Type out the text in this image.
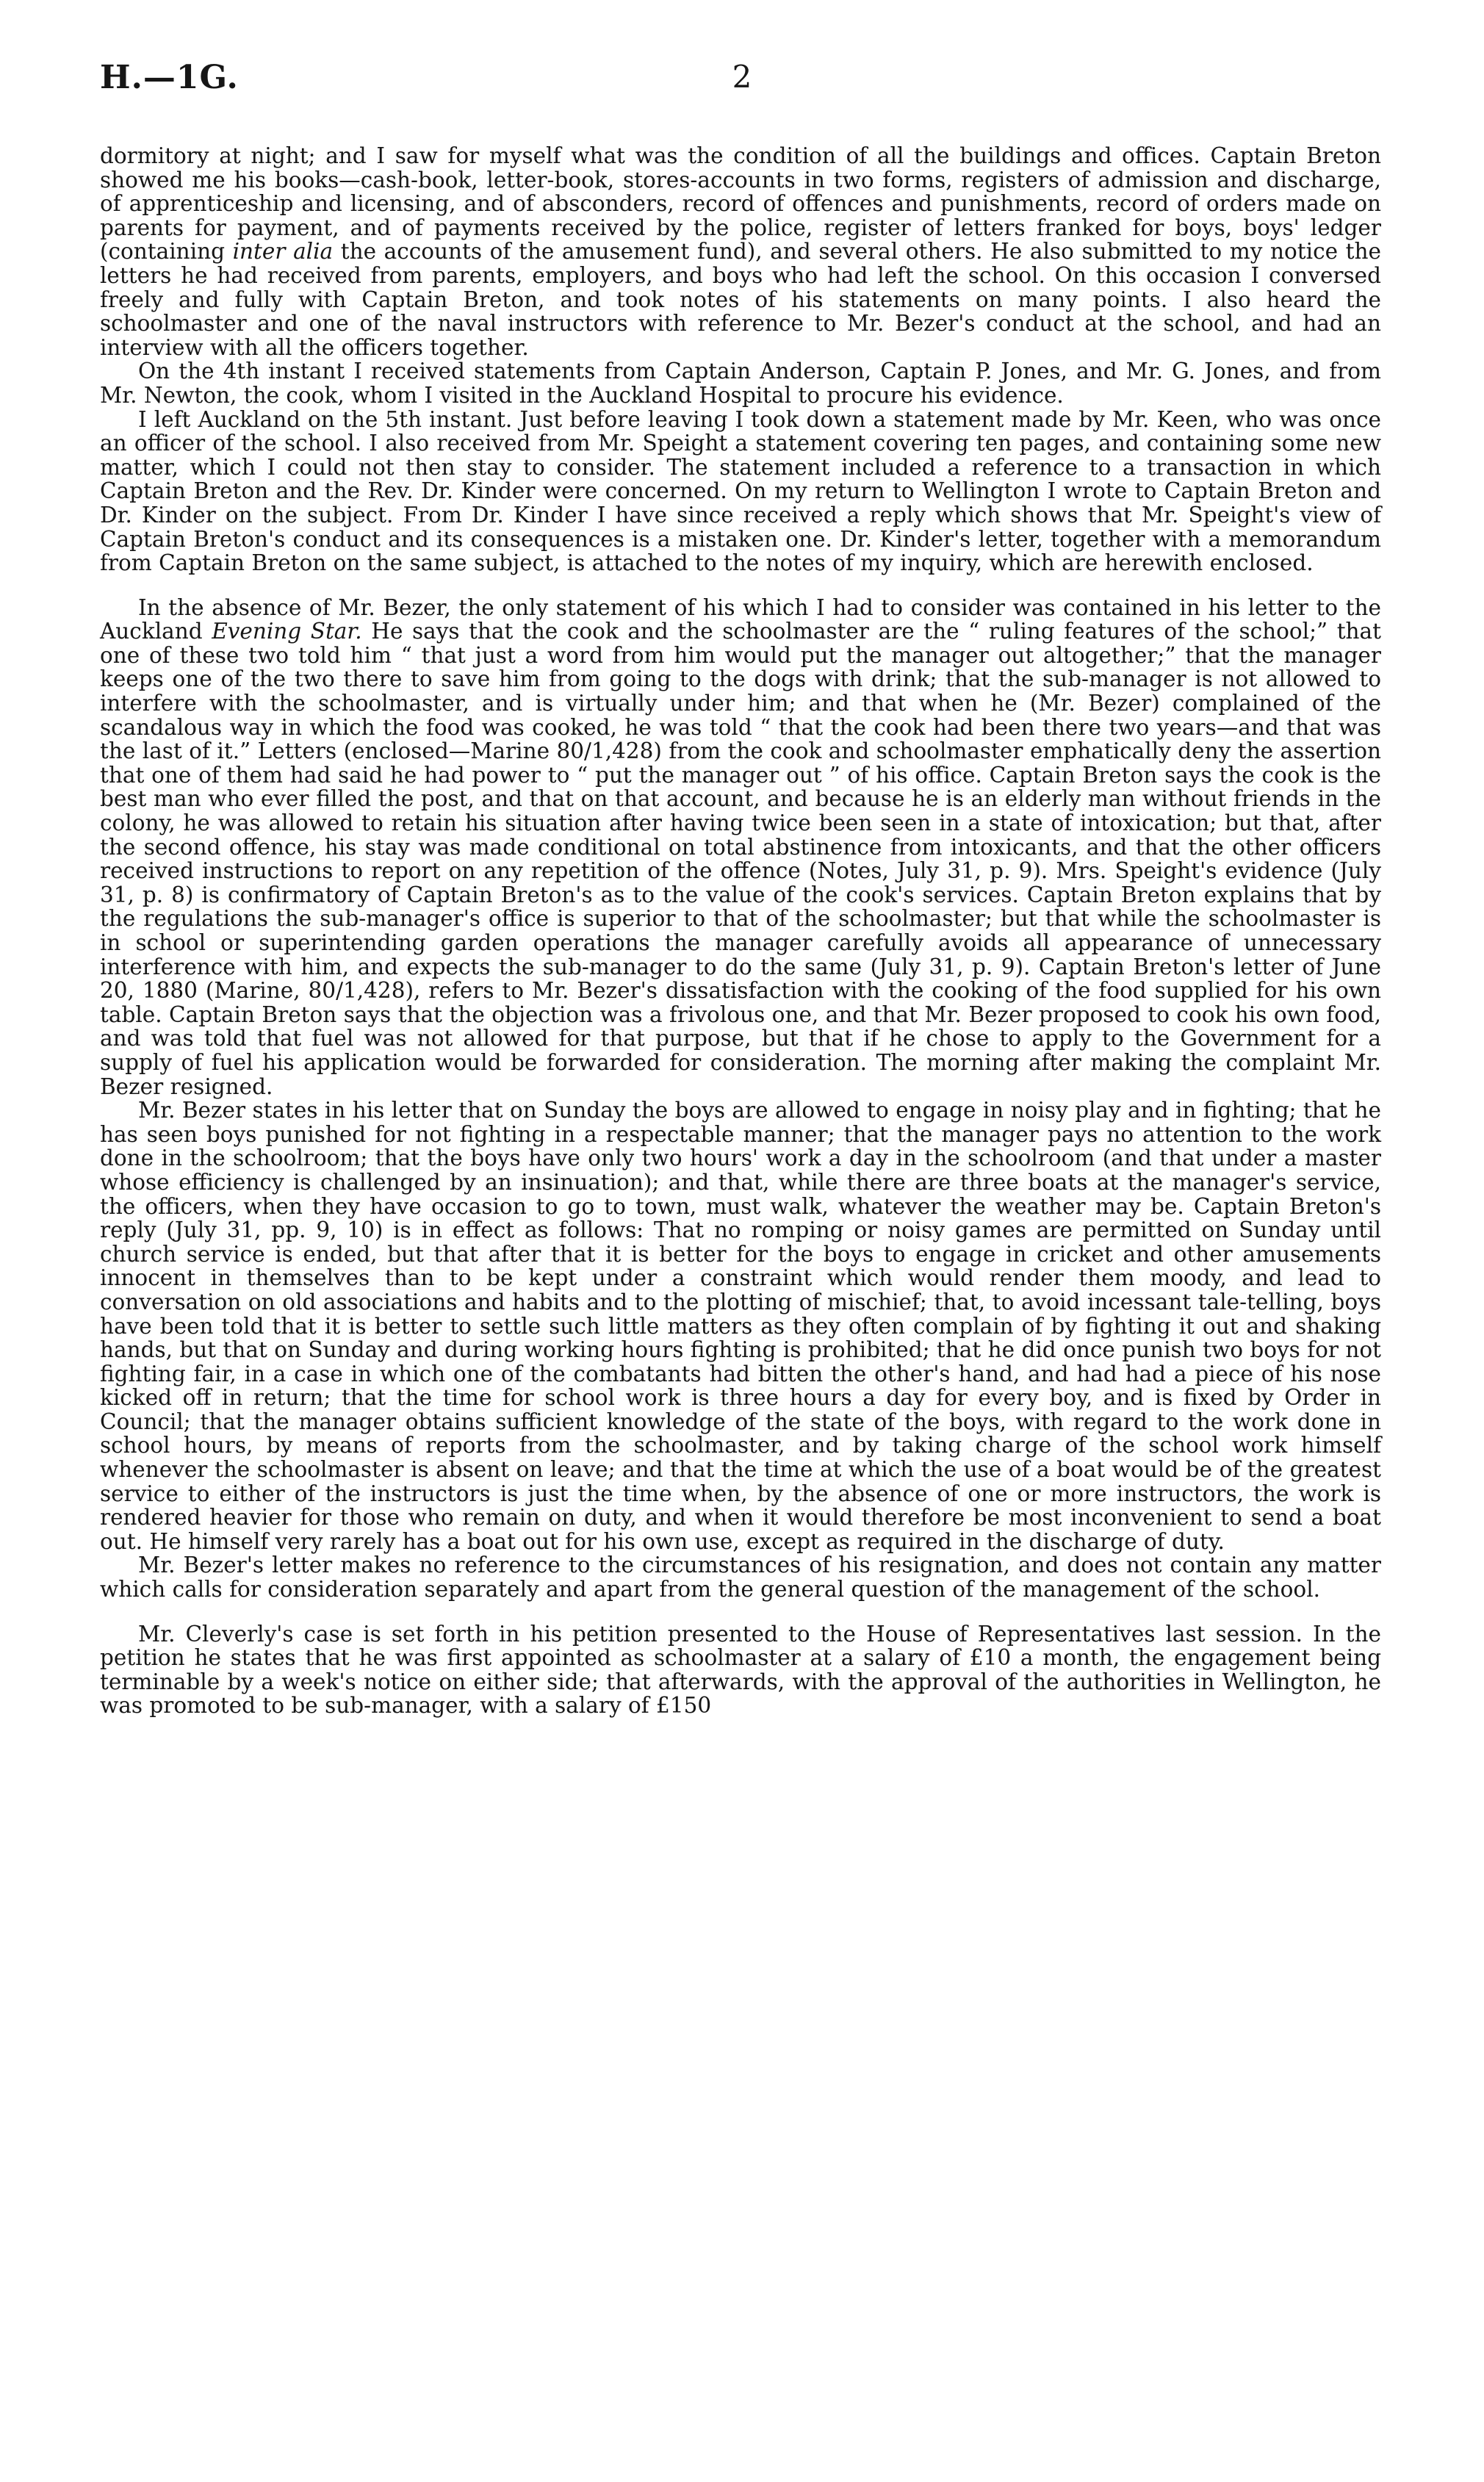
H.—1G.	2

dormitory at night; and I saw for myself what was the condition of all the buildings and offices. Captain Breton showed me his books—cash-book, letter-book, stores-accounts in two forms, registers of admission and discharge, of apprenticeship and licensing, and of absconders, record of offences and punishments, record of orders made on parents for payment, and of payments received by the police, register of letters franked for boys, boys' ledger (containing inter alia the accounts of the amusement fund), and several others. He also submitted to my notice the letters he had received from parents, employers, and boys who had left the school. On this occasion I conversed freely and fully with Captain Breton, and took notes of his statements on many points. I also heard the schoolmaster and one of the naval instructors with reference to Mr. Bezer's conduct at the school, and had an interview with all the officers together.

On the 4th instant I received statements from Captain Anderson, Captain P. Jones, and Mr. G. Jones, and from Mr. Newton, the cook, whom I visited in the Auckland Hospital to procure his evidence.

I left Auckland on the 5th instant. Just before leaving I took down a statement made by Mr. Keen, who was once an officer of the school. I also received from Mr. Speight a statement covering ten pages, and containing some new matter, which I could not then stay to consider. The statement included a reference to a transaction in which Captain Breton and the Rev. Dr. Kinder were concerned. On my return to Wellington I wrote to Captain Breton and Dr. Kinder on the subject. From Dr. Kinder I have since received a reply which shows that Mr. Speight's view of Captain Breton's conduct and its consequences is a mistaken one. Dr. Kinder's letter, together with a memorandum from Captain Breton on the same subject, is attached to the notes of my inquiry, which are herewith enclosed.

In the absence of Mr. Bezer, the only statement of his which I had to consider was contained in his letter to the Auckland Evening Star. He says that the cook and the schoolmaster are the “ ruling features of the school;” that one of these two told him “ that just a word from him would put the manager out altogether;” that the manager keeps one of the two there to save him from going to the dogs with drink; that the sub-manager is not allowed to interfere with the schoolmaster, and is virtually under him; and that when he (Mr. Bezer) complained of the scandalous way in which the food was cooked, he was told “ that the cook had been there two years—and that was the last of it.” Letters (enclosed—Marine 80/1,428) from the cook and schoolmaster emphatically deny the assertion that one of them had said he had power to “ put the manager out ” of his office. Captain Breton says the cook is the best man who ever filled the post, and that on that account, and because he is an elderly man without friends in the colony, he was allowed to retain his situation after having twice been seen in a state of intoxication; but that, after the second offence, his stay was made conditional on total abstinence from intoxicants, and that the other officers received instructions to report on any repetition of the offence (Notes, July 31, p. 9). Mrs. Speight's evidence (July 31, p. 8) is confirmatory of Captain Breton's as to the value of the cook's services. Captain Breton explains that by the regulations the sub-manager's office is superior to that of the schoolmaster; but that while the schoolmaster is in school or superintending garden operations the manager carefully avoids all appearance of unnecessary interference with him, and expects the sub-manager to do the same (July 31, p. 9). Captain Breton's letter of June 20, 1880 (Marine, 80/1,428), refers to Mr. Bezer's dissatisfaction with the cooking of the food supplied for his own table. Captain Breton says that the objection was a frivolous one, and that Mr. Bezer proposed to cook his own food, and was told that fuel was not allowed for that purpose, but that if he chose to apply to the Government for a supply of fuel his application would be forwarded for consideration. The morning after making the complaint Mr. Bezer resigned.

Mr. Bezer states in his letter that on Sunday the boys are allowed to engage in noisy play and in fighting; that he has seen boys punished for not fighting in a respectable manner; that the manager pays no attention to the work done in the schoolroom; that the boys have only two hours' work a day in the schoolroom (and that under a master whose efficiency is challenged by an insinuation); and that, while there are three boats at the manager's service, the officers, when they have occasion to go to town, must walk, whatever the weather may be. Captain Breton's reply (July 31, pp. 9, 10) is in effect as follows: That no romping or noisy games are permitted on Sunday until church service is ended, but that after that it is better for the boys to engage in cricket and other amusements innocent in themselves than to be kept under a constraint which would render them moody, and lead to conversation on old associations and habits and to the plotting of mischief; that, to avoid incessant tale-telling, boys have been told that it is better to settle such little matters as they often complain of by fighting it out and shaking hands, but that on Sunday and during working hours fighting is prohibited; that he did once punish two boys for not fighting fair, in a case in which one of the combatants had bitten the other's hand, and had had a piece of his nose kicked off in return; that the time for school work is three hours a day for every boy, and is fixed by Order in Council; that the manager obtains sufficient knowledge of the state of the boys, with regard to the work done in school hours, by means of reports from the schoolmaster, and by taking charge of the school work himself whenever the schoolmaster is absent on leave; and that the time at which the use of a boat would be of the greatest service to either of the instructors is just the time when, by the absence of one or more instructors, the work is rendered heavier for those who remain on duty, and when it would therefore be most inconvenient to send a boat out. He himself very rarely has a boat out for his own use, except as required in the discharge of duty.

Mr. Bezer's letter makes no reference to the circumstances of his resignation, and does not contain any matter which calls for consideration separately and apart from the general question of the management of the school.

Mr. Cleverly's case is set forth in his petition presented to the House of Representatives last session. In the petition he states that he was first appointed as schoolmaster at a salary of £10 a month, the engagement being terminable by a week's notice on either side; that afterwards, with the approval of the authorities in Wellington, he was promoted to be sub-manager, with a salary of £150
